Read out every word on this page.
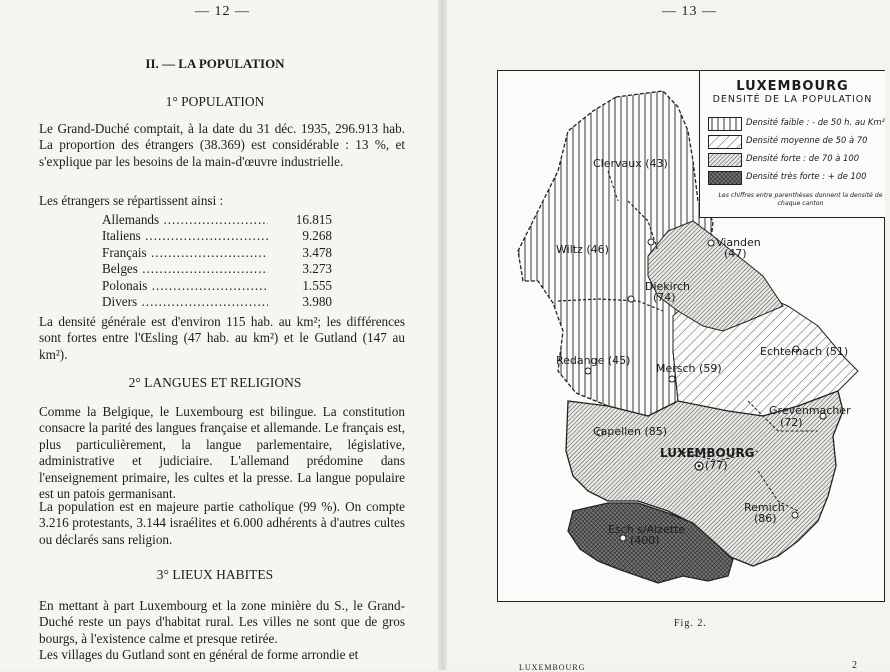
— 12 —
II. — LA POPULATION
1° POPULATION
Le Grand-Duché comptait, à la date du 31 déc. 1935, 296.913 hab. La proportion des étrangers (38.369) est considérable : 13 %, et s'explique par les besoins de la main-d'œuvre industrielle.
Les étrangers se répartissent ainsi :
Allemands .....	16.815
Italiens .....	9.268
Français .....	3.478
Belges .....	3.273
Polonais .....	1.555
Divers .....	3.980
La densité générale est d'environ 115 hab. au km²; les différences sont fortes entre l'Œsling (47 hab. au km²) et le Gutland (147 au km²).
2° LANGUES ET RELIGIONS
Comme la Belgique, le Luxembourg est bilingue. La constitution consacre la parité des langues française et allemande. Le français est, plus particulièrement, la langue parlementaire, législative, administrative et judiciaire. L'allemand prédomine dans l'enseignement primaire, les cultes et la presse. La langue populaire est un patois germanisant.
La population est en majeure partie catholique (99 %). On compte 3.216 protestants, 3.144 israélites et 6.000 adhérents à d'autres cultes ou déclarés sans religion.
3° LIEUX HABITES
En mettant à part Luxembourg et la zone minière du S., le Grand-Duché reste un pays d'habitat rural. Les villes ne sont que de gros bourgs, à l'existence calme et presque retirée.
Les villages du Gutland sont en général de forme arrondie et
— 13 —
Clervaux (43)
Wiltz (46)
Vianden
(47)
Diekirch
(74)
Redange (45)
Mersch (59)
Echternach (51)
Grevenmacher
(72)
Capellen (85)
LUXEMBOURG
(77)
Remich
(86)
Esch s/Alzette
(400)
LUXEMBOURG
DENSITÉ DE LA POPULATION
Densité faible : - de 50 h. au Km²
Densité moyenne de 50 à 70
Densité forte : de 70 à 100
Densité très forte : + de 100
Les chiffres entre parenthèses donnent la densité de chaque canton
Fig. 2.
LUXEMBOURG	2
